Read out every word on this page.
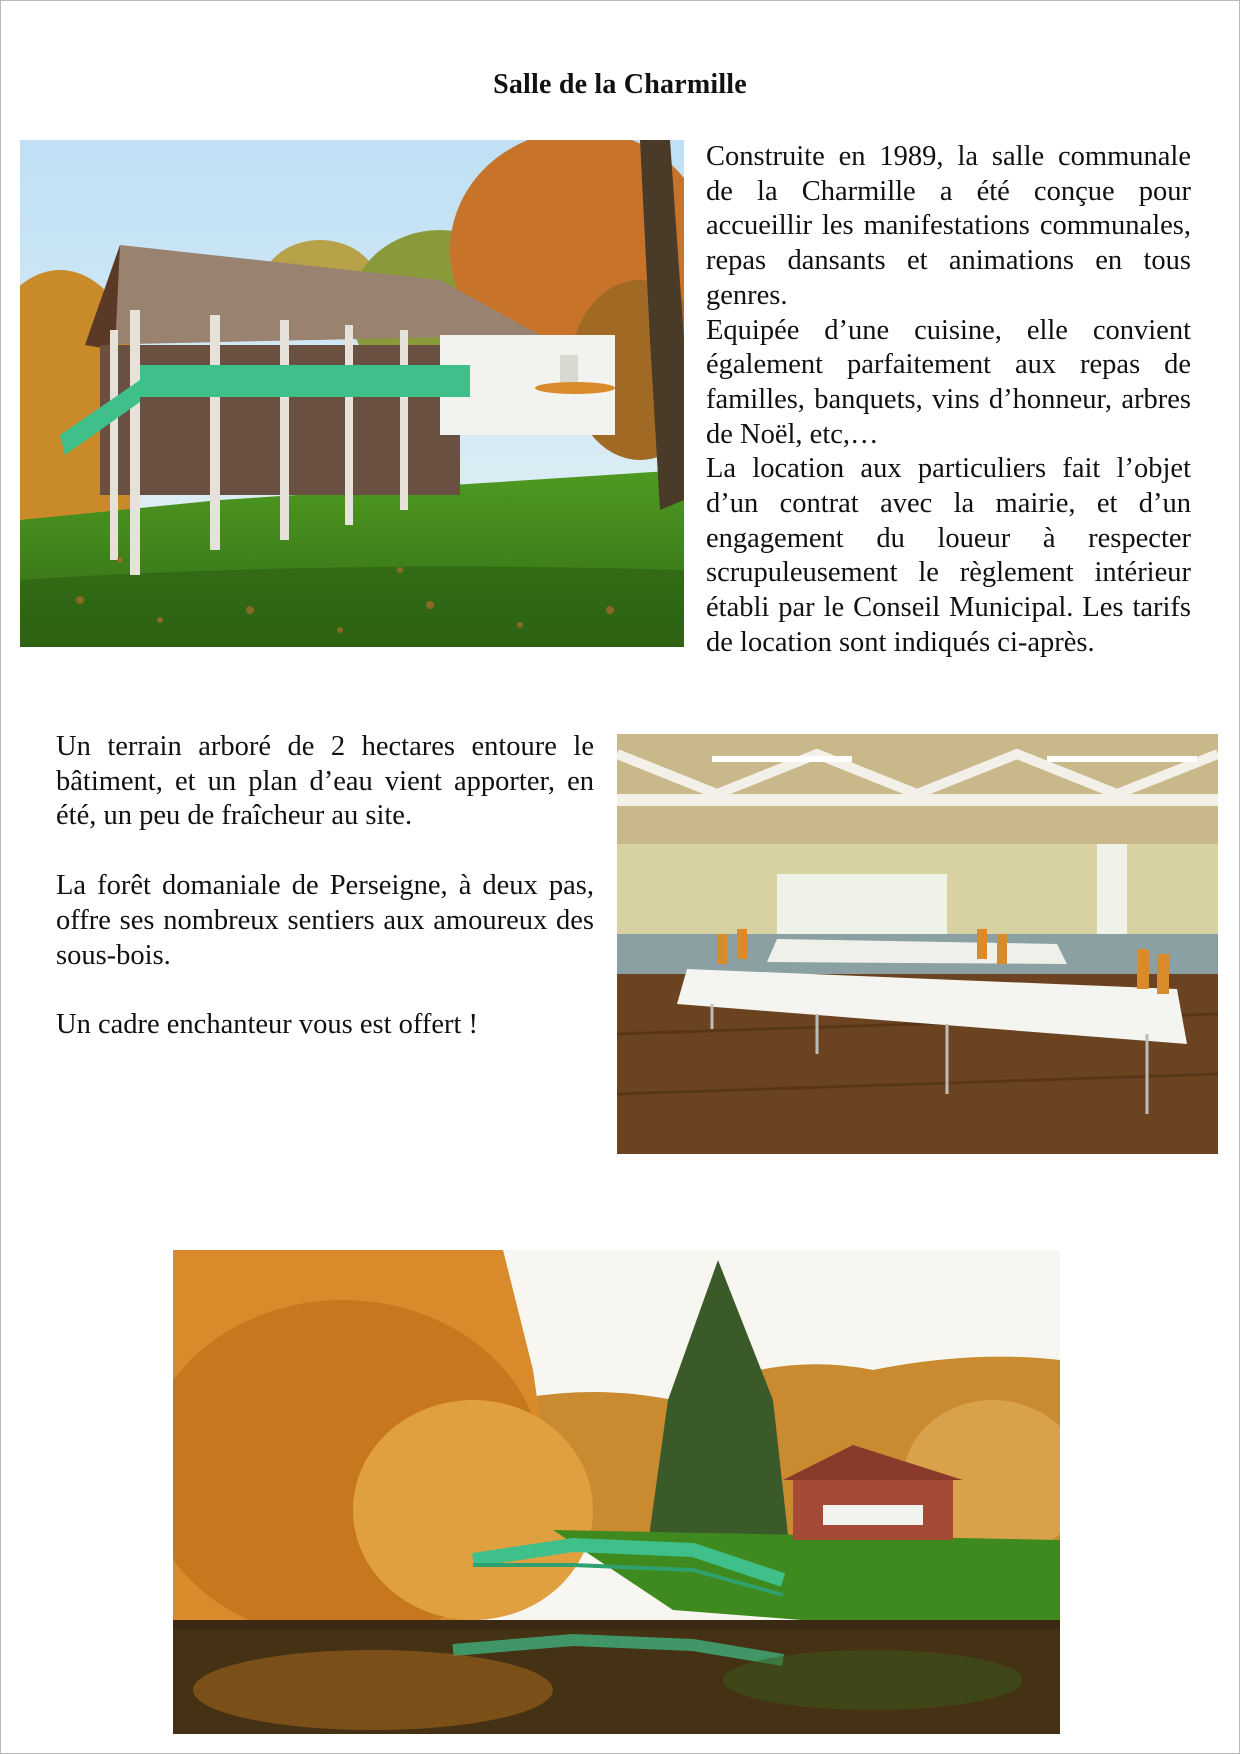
Salle de la Charmille

Construite en 1989, la salle communale de la Charmille a été conçue pour accueillir les manifestations communales, repas dansants et animations en tous genres.

Equipée d’une cuisine, elle convient également parfaitement aux repas de familles, banquets, vins d’honneur, arbres de Noël, etc,…

La location aux particuliers fait l’objet d’un contrat avec la mairie, et d’un engagement du loueur à respecter scrupuleusement le règlement intérieur établi par le Conseil Municipal. Les tarifs de location sont indiqués ci-après.

Un terrain arboré de 2 hectares entoure le bâtiment, et un plan d’eau vient apporter, en été, un peu de fraîcheur au site.

La forêt domaniale de Perseigne, à deux pas, offre ses nombreux sentiers aux amoureux des sous-bois.

Un cadre enchanteur vous est offert !
